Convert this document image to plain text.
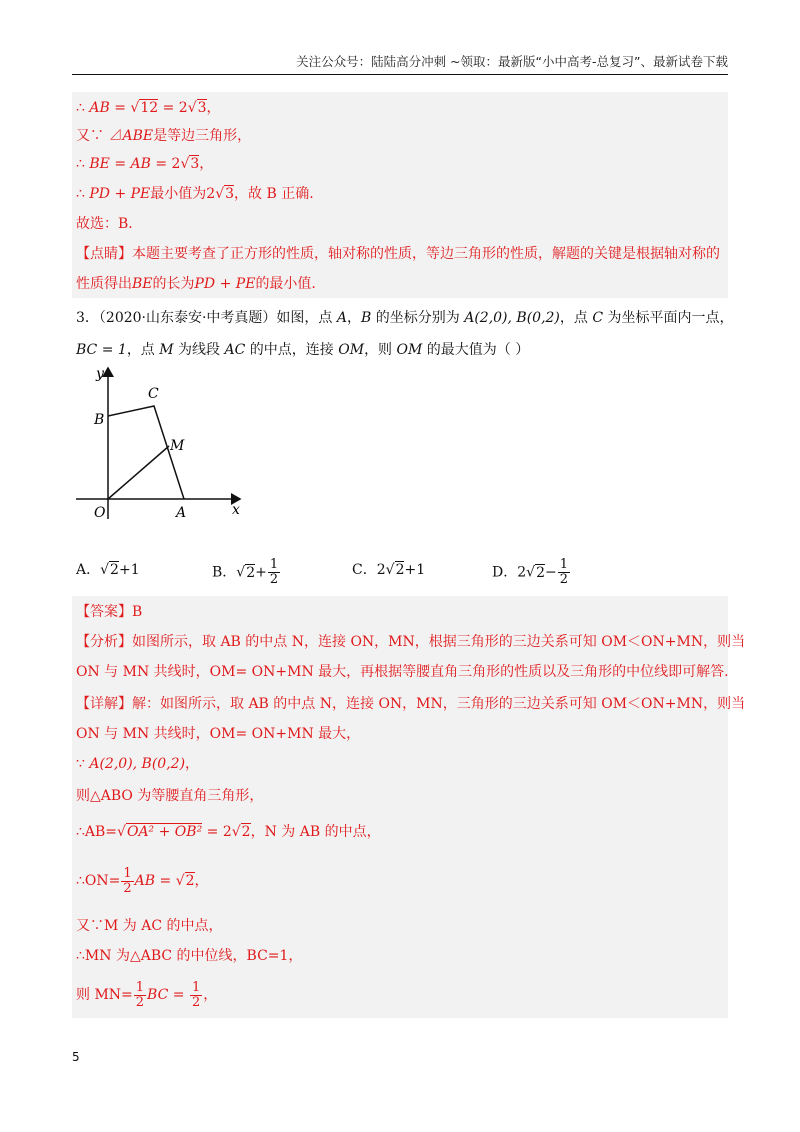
关注公众号：陆陆高分冲刺 ~领取：最新版“小中高考-总复习”、最新试卷下载
∴ AB = √12 = 2√3，
又∵ ⊿ABE是等边三角形，
∴ BE = AB = 2√3，
∴ PD + PE最小值为2√3，故 B 正确.
故选：B.
【点睛】本题主要考查了正方形的性质，轴对称的性质，等边三角形的性质，解题的关键是根据轴对称的
性质得出BE的长为PD + PE的最小值.
3．（2020·山东泰安·中考真题）如图，点 A，B 的坐标分别为 A(2,0), B(0,2)，点 C 为坐标平面内一点，
BC = 1，点 M 为线段 AC 的中点，连接 OM，则 OM 的最大值为（ ）
y
x
O	A
B
C
M
A．√2+1	B．$√2+ \frac{1}{2}$	C．2√2+1	D．$2√2- \frac{1}{2}$
【答案】B
【分析】如图所示，取 AB 的中点 N，连接 ON，MN，根据三角形的三边关系可知 OM＜ON+MN，则当
ON 与 MN 共线时，OM= ON+MN 最大，再根据等腰直角三角形的性质以及三角形的中位线即可解答.
【详解】解：如图所示，取 AB 的中点 N，连接 ON，MN，三角形的三边关系可知 OM＜ON+MN，则当
ON 与 MN 共线时，OM= ON+MN 最大，
∵ A(2,0), B(0,2)，
则△ABO 为等腰直角三角形，
∴AB=√OA² + OB² = 2√2，N 为 AB 的中点，
∴ON= $\frac{1}{2}$ AB = √2，
又∵M 为 AC 的中点，
∴MN 为△ABC 的中位线，BC=1，
则 $MN= \frac{1}{2}$ BC = $\frac{1}{2}$ ，
5
